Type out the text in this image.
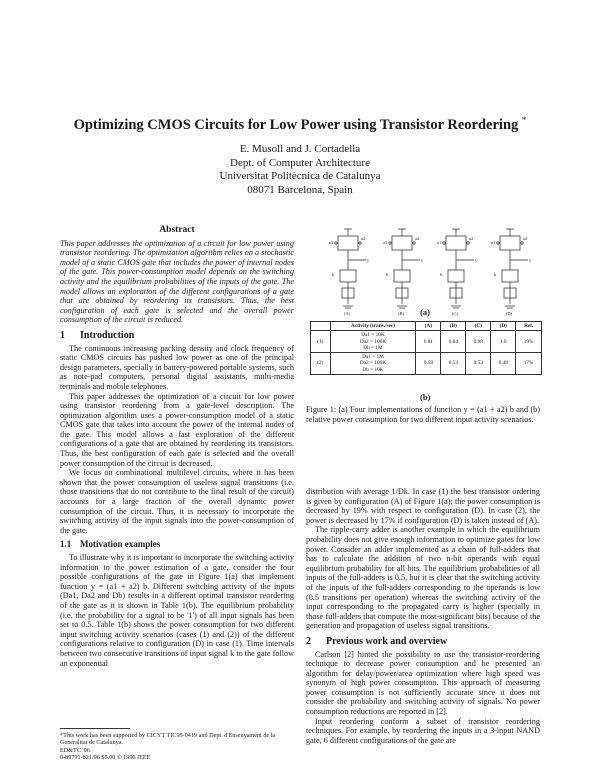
Optimizing CMOS Circuits for Low Power using Transistor Reordering *
E. Musoll and J. Cortadella
Dept. of Computer Architecture
Universitat Politècnica de Catalunya
08071 Barcelona, Spain
Abstract

This paper addresses the optimization of a circuit for low power using transistor reordering. The optimization algorithm relies on a stochastic model of a static CMOS gate that includes the power of internal nodes of the gate. This power-consumption model depends on the switching activity and the equilibrium probabilities of the inputs of the gate. The model allows an exploration of the different configurations of a gate that are obtained by reordering its transistors. Thus, the best configuration of each gate is selected and the overall power consumption of the circuit is reduced.

1 Introduction

The continuous increasing packing density and clock frequency of static CMOS circuits has pushed low power as one of the principal design parameters, specially in battery-powered portable systems, such as note-pad computers, personal digital assistants, multi-media terminals and mobile telephones.

This paper addresses the optimization of a circuit for low power using transistor reordering from a gate-level description. The optimization algorithm uses a power-consumption model of a static CMOS gate that takes into account the power of the internal nodes of the gate. This model allows a fast exploration of the different configurations of a gate that are obtained by reordering its transistors. Thus, the best configuration of each gate is selected and the overall power consumption of the circuit is decreased.

We focus on combinational multilevel circuits, where it has been shown that the power consumption of useless signal transitions (i.e. those transitions that do not contribute to the final result of the circuit) accounts for a large fraction of the overall dynamic power consumption of the circuit. Thus, it is necessary to incorporate the switching activity of the input signals into the power-consumption of the gate.

1.1 Motivation examples

To illustrate why it is important to incorporate the switching activity information to the power estimation of a gate, consider the four possible configurations of the gate in Figure 1(a) that implement function y = (a1 + a2) b. Different switching activity of the inputs (Da1, Da2 and Db) results in a different optimal transistor reordering of the gate as it is shown in Table 1(b). The equilibrium probability (i.e. the probability for a signal to be '1') of all input signals has been set to 0.5. Table 1(b) shows the power consumption for two different input switching activity scenarios (cases (1) and (2)) of the different configurations relative to configuration (D) in case (1). Time intervals between two consecutive transitions of input signal k to the gate follow an exponential

*This work has been supported by CICYT TIC95-0419 and Dept. d'Ensenyament de la Generalitat de Catalunya.
ED&TC '96
0-89791-821/96 $5.00 © 1996 IEEE
y
a1
a2
b
(A)
y
a1
a2
b
(B)
y
a1
a2
b
(C)
y
a1
a2
b
(D)
(a)
	Activity (trans./sec)	(A)	(B)	(C)	(D)	Rel.
(1)	Da1 = 10K
Da2 = 100K
Db = 1M	0.81	0.84	0.98	1.0	19%
(2)	Da1 = 1M
Da2 = 100K
Db = 10K	0.58	0.53	0.53	0.48	17%
(b)
Figure 1: (a) Four implementations of function y = (a1 + a2) b and (b) relative power consumption for two different input activity scenarios.

distribution with average 1/Dk. In case (1) the best transistor ordering is given by configuration (A) of Figure 1(a); the power consumption is decreased by 19% with respect to configuration (D). In case (2), the power is decreased by 17% if configuration (D) is taken instead of (A).

The ripple-carry adder is another example in which the equilibrium probability does not give enough information to optimize gates for low power. Consider an adder implemented as a chain of full-adders that has to calculate the addition of two n-bit operands with equal equilibrium probability for all bits. The equilibrium probabilities of all inputs of the full-adders is 0.5, but it is clear that the switching activity of the inputs of the full-adders corresponding to the operands is low (0.5 transitions per operation) whereas the switching activity of the input corresponding to the propagated carry is higher (specially in those full-adders that compute the most-significant bits) because of the generation and propagation of useless signal transitions.

2 Previous work and overview

Carlson [2] hinted the possibility to use the transistor-reordering technique to decrease power consumption and he presented an algorithm for delay/power/area optimization where high speed was synonym of high power consumption. This approach of measuring power consumption is not sufficiently accurate since it does not consider the probability and switching activity of signals. No power consumption reductions are reported in [2].

Input reordering conform a subset of transistor reordering techniques. For example, by reordering the inputs in a 3-input NAND gate, 6 different configurations of the gate are
